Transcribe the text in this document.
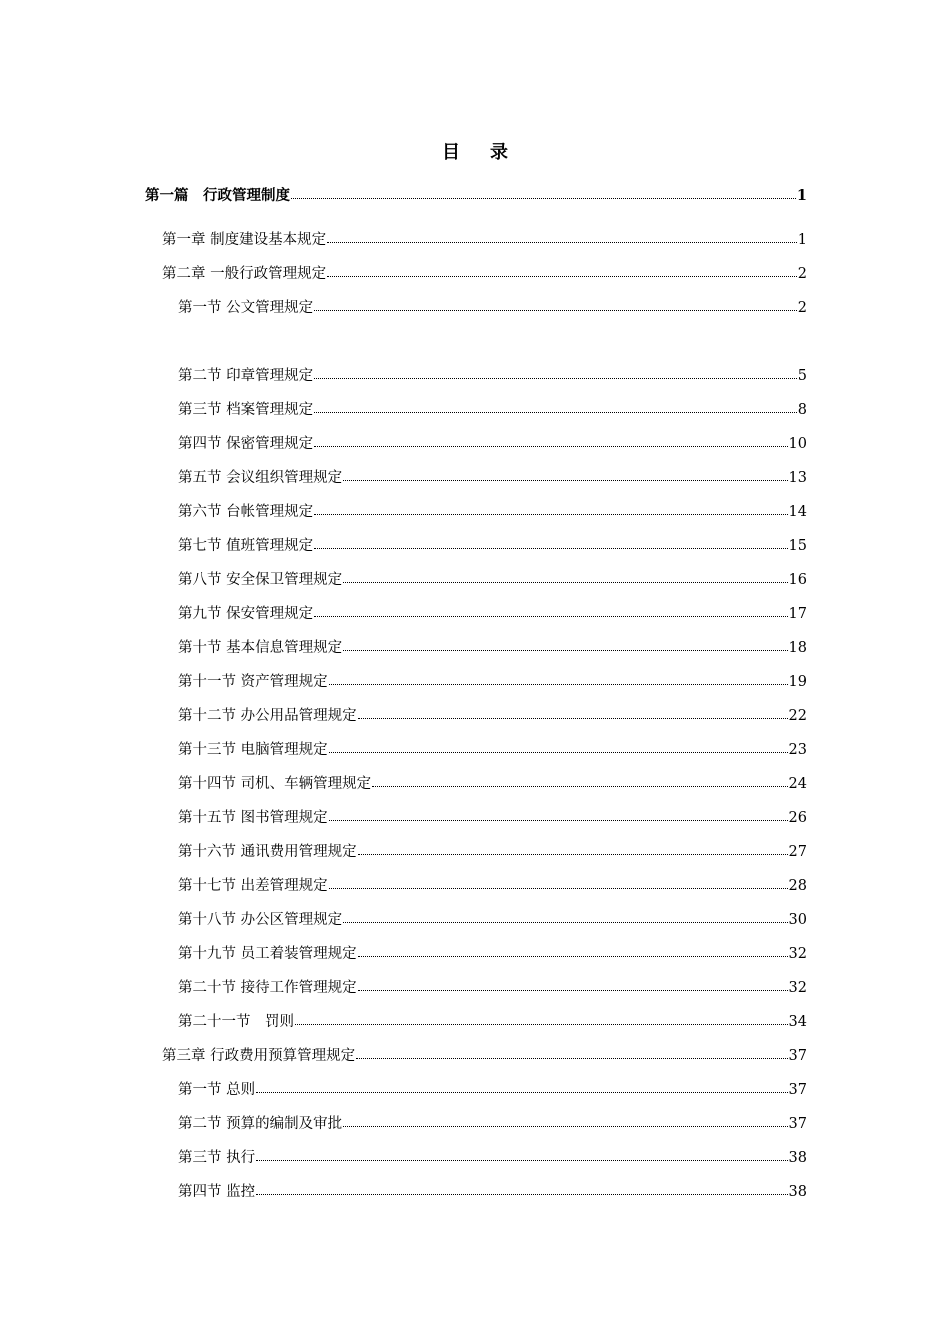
目 录
第一篇　行政管理制度	1
第一章 制度建设基本规定	1
第二章 一般行政管理规定	2
第一节 公文管理规定	2
第二节 印章管理规定	5
第三节 档案管理规定	8
第四节 保密管理规定	10
第五节 会议组织管理规定	13
第六节 台帐管理规定	14
第七节 值班管理规定	15
第八节 安全保卫管理规定	16
第九节 保安管理规定	17
第十节 基本信息管理规定	18
第十一节 资产管理规定	19
第十二节 办公用品管理规定	22
第十三节 电脑管理规定	23
第十四节 司机、车辆管理规定	24
第十五节 图书管理规定	26
第十六节 通讯费用管理规定	27
第十七节 出差管理规定	28
第十八节 办公区管理规定	30
第十九节 员工着装管理规定	32
第二十节 接待工作管理规定	32
第二十一节　罚则	34
第三章 行政费用预算管理规定	37
第一节 总则	37
第二节 预算的编制及审批	37
第三节 执行	38
第四节 监控	38
